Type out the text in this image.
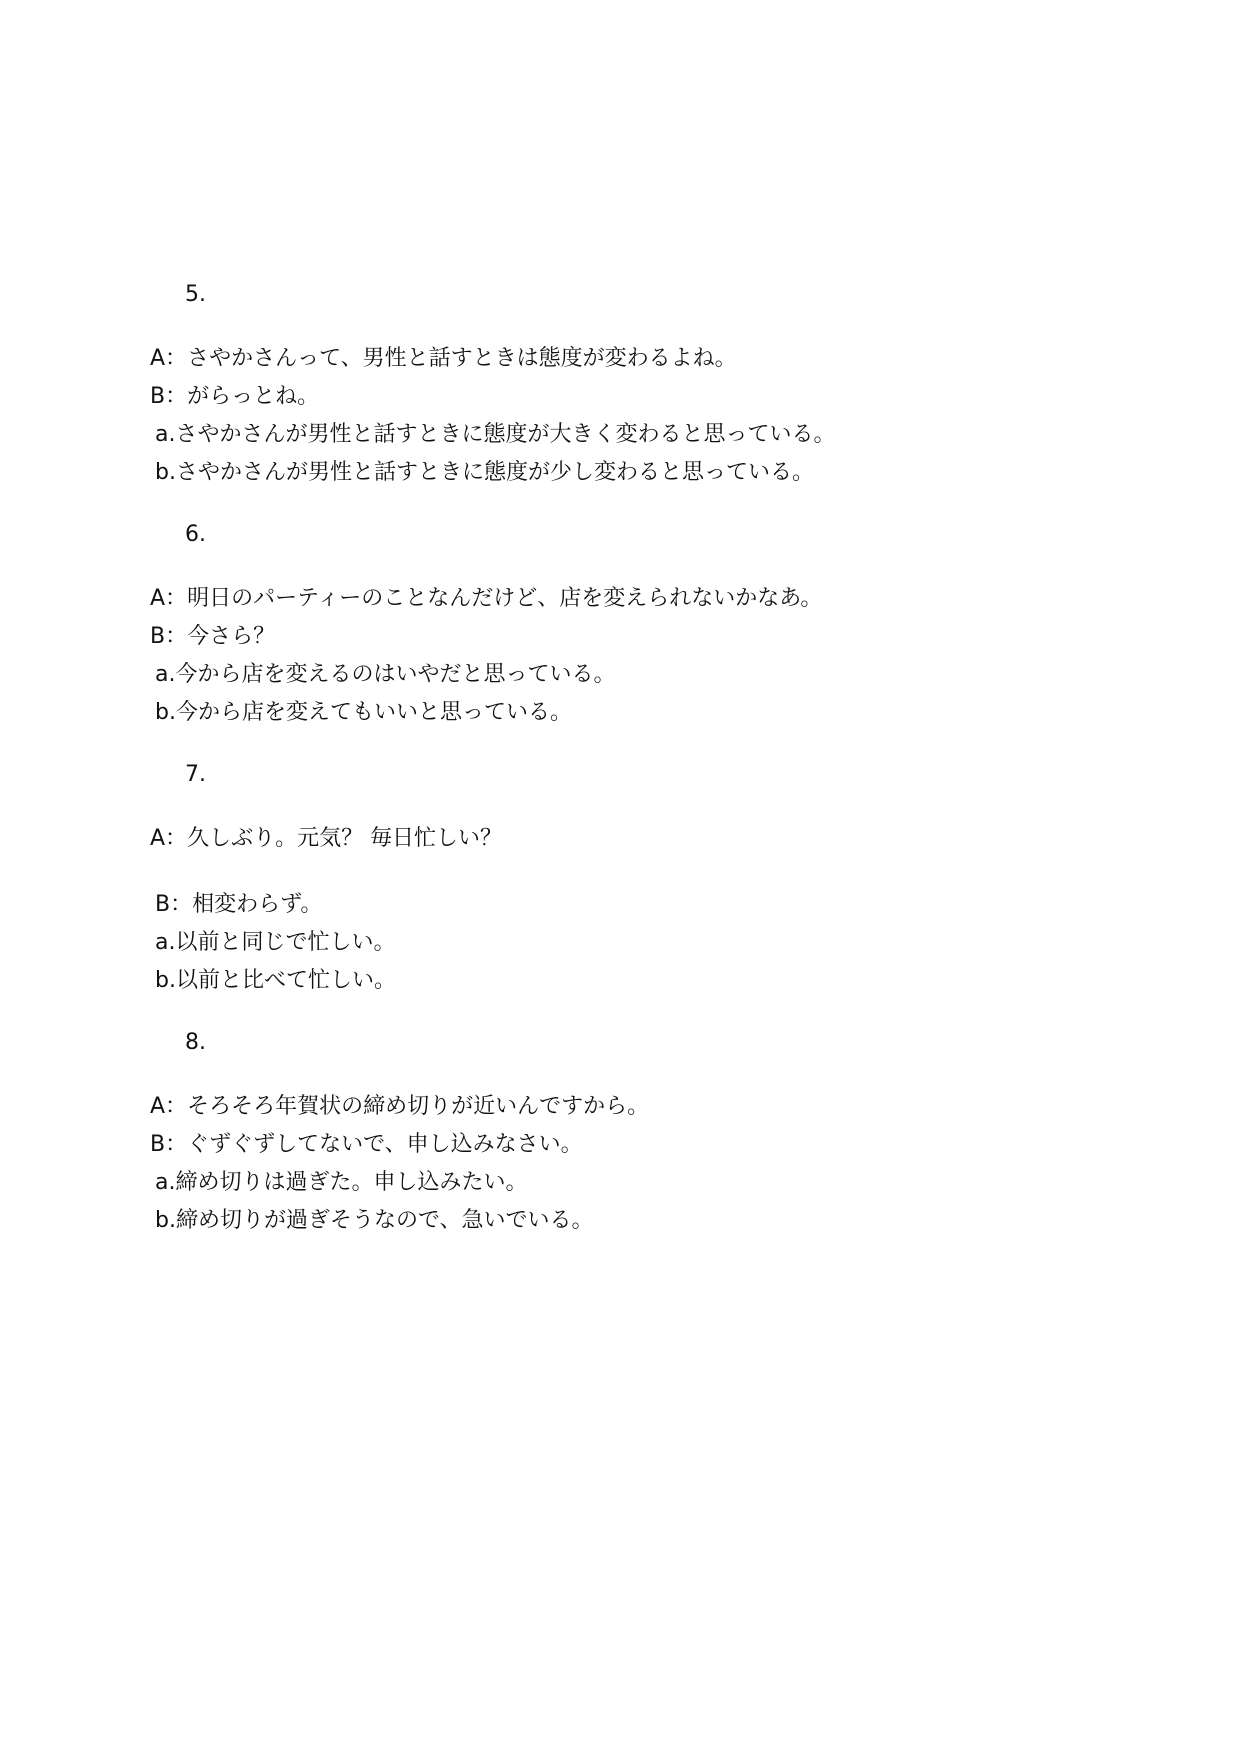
5.
A：さやかさんって、男性と話すときは態度が変わるよね。
B：がらっとね。
a.さやかさんが男性と話すときに態度が大きく変わると思っている。
b.さやかさんが男性と話すときに態度が少し変わると思っている。
6.
A：明日のパーティーのことなんだけど、店を変えられないかなあ。
B：今さら？
a.今から店を変えるのはいやだと思っている。
b.今から店を変えてもいいと思っている。
7.
A：久しぶり。元気？ 毎日忙しい？
B：相変わらず。
a.以前と同じで忙しい。
b.以前と比べて忙しい。
8.
A：そろそろ年賀状の締め切りが近いんですから。
B：ぐずぐずしてないで、申し込みなさい。
a.締め切りは過ぎた。申し込みたい。
b.締め切りが過ぎそうなので、急いでいる。
